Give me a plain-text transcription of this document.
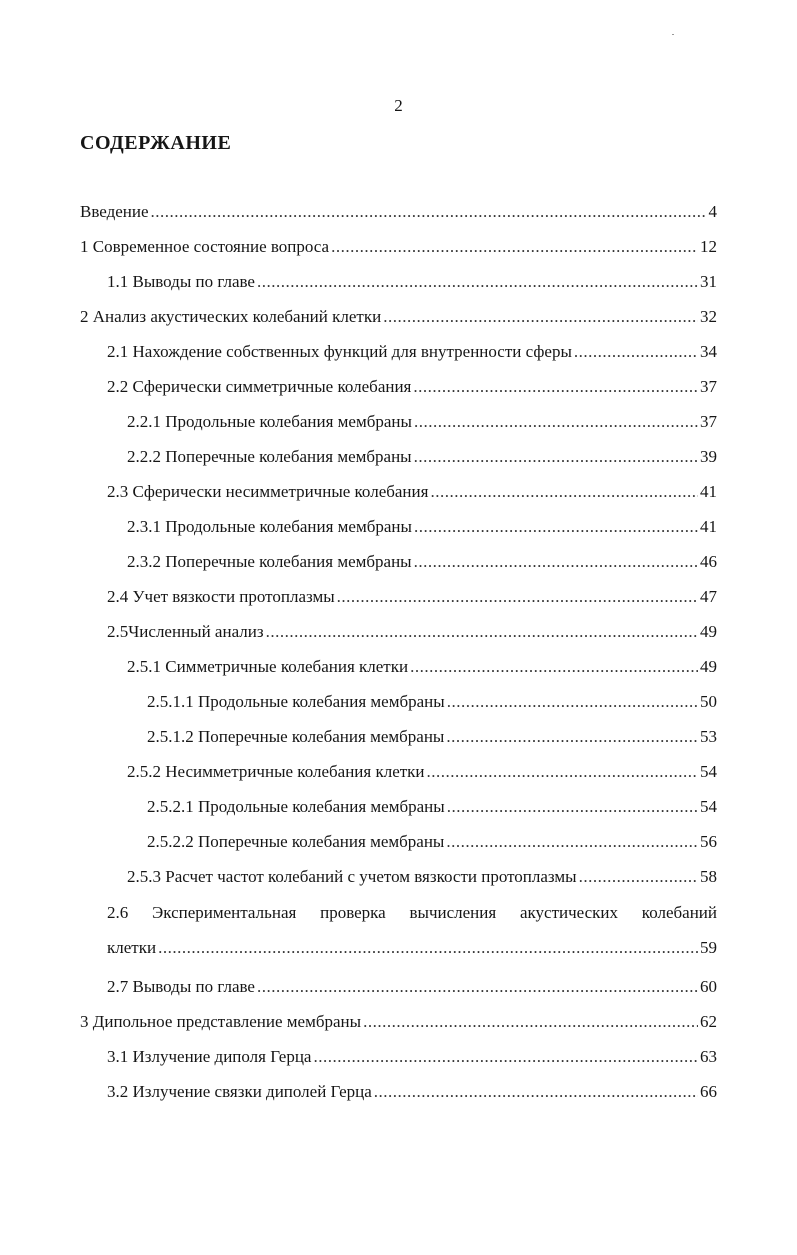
2
СОДЕРЖАНИЕ
Введение .....	4
1 Современное состояние вопроса .....	12
1.1 Выводы по главе .....	31
2 Анализ акустических колебаний клетки .....	32
2.1 Нахождение собственных функций для внутренности сферы .....	34
2.2 Сферически симметричные колебания .....	37
2.2.1 Продольные колебания мембраны .....	37
2.2.2 Поперечные колебания мембраны .....	39
2.3 Сферически несимметричные колебания .....	41
2.3.1 Продольные колебания мембраны .....	41
2.3.2 Поперечные колебания мембраны .....	46
2.4 Учет вязкости протоплазмы .....	47
2.5Численный анализ .....	49
2.5.1 Симметричные колебания клетки .....	49
2.5.1.1 Продольные колебания мембраны .....	50
2.5.1.2 Поперечные колебания мембраны .....	53
2.5.2 Несимметричные колебания клетки .....	54
2.5.2.1 Продольные колебания мембраны .....	54
2.5.2.2 Поперечные колебания мембраны .....	56
2.5.3 Расчет частот колебаний с учетом вязкости протоплазмы .....	58
2.6 Экспериментальная проверка вычисления акустических колебаний
клетки .....	59
2.7 Выводы по главе .....	60
3 Дипольное представление мембраны .....	62
3.1 Излучение диполя Герца .....	63
3.2 Излучение связки диполей Герца .....	66
